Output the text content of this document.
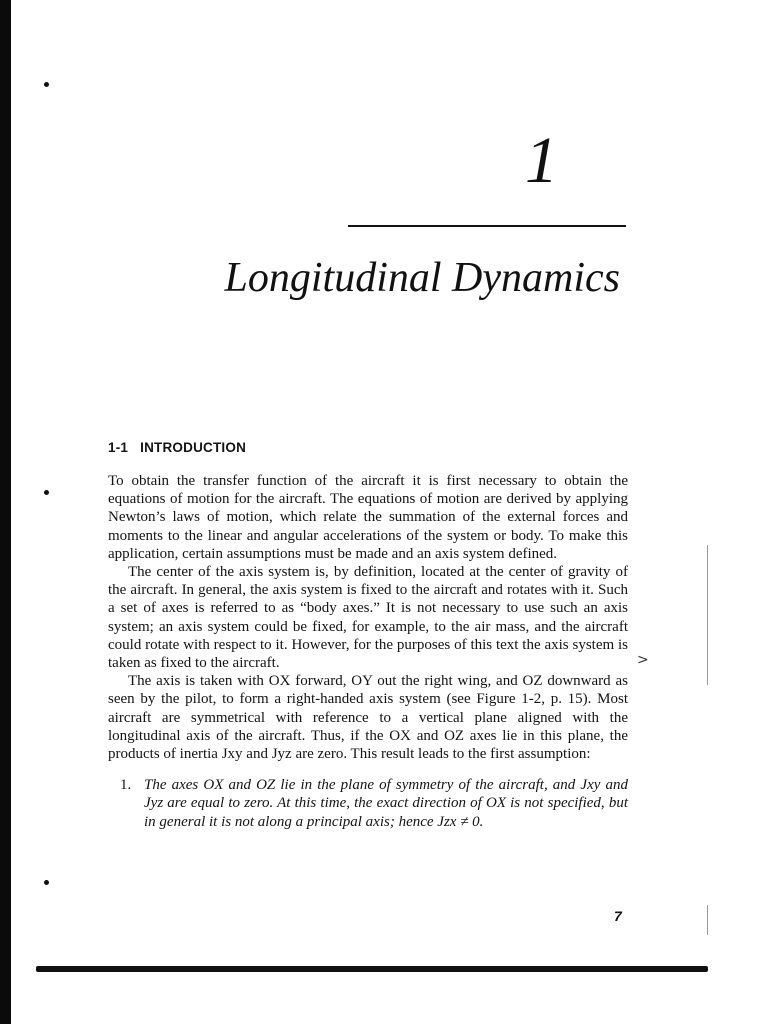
1
Longitudinal Dynamics
1-1 INTRODUCTION

To obtain the transfer function of the aircraft it is first necessary to obtain the equations of motion for the aircraft. The equations of motion are derived by applying Newton’s laws of motion, which relate the summation of the external forces and moments to the linear and angular accelerations of the system or body. To make this application, certain assumptions must be made and an axis system defined.

The center of the axis system is, by definition, located at the center of gravity of the aircraft. In general, the axis system is fixed to the aircraft and rotates with it. Such a set of axes is referred to as “body axes.” It is not necessary to use such an axis system; an axis system could be fixed, for example, to the air mass, and the aircraft could rotate with respect to it. However, for the purposes of this text the axis system is taken as fixed to the aircraft.

The axis is taken with OX forward, OY out the right wing, and OZ downward as seen by the pilot, to form a right-handed axis system (see Figure 1-2, p. 15). Most aircraft are symmetrical with reference to a vertical plane aligned with the longitudinal axis of the aircraft. Thus, if the OX and OZ axes lie in this plane, the products of inertia Jxy and Jyz are zero. This result leads to the first assumption:

1. The axes OX and OZ lie in the plane of symmetry of the aircraft, and Jxy and Jyz are equal to zero. At this time, the exact direction of OX is not specified, but in general it is not along a principal axis; hence Jzx ≠ 0.
>
7
